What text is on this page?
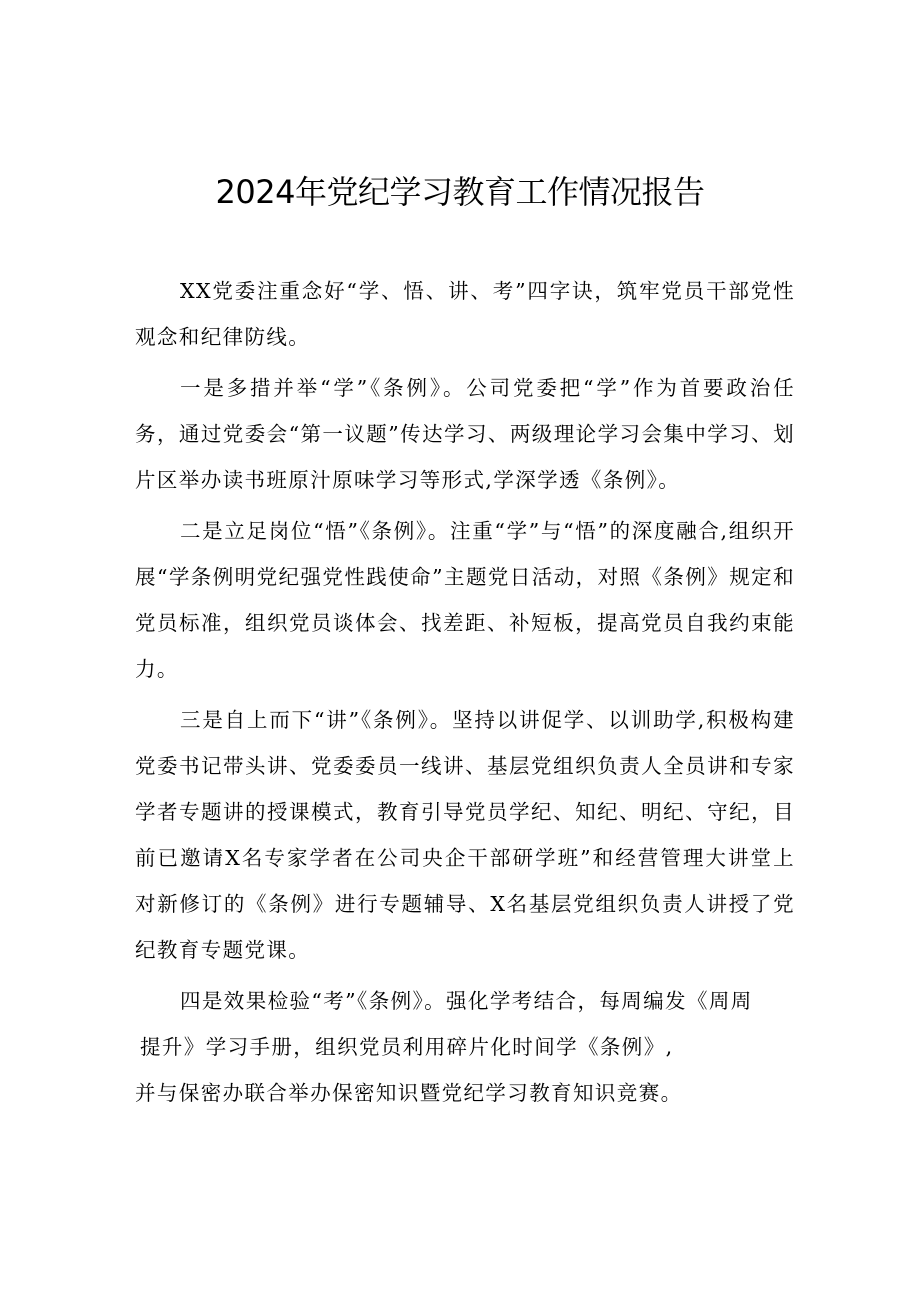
2024年党纪学习教育工作情况报告

XX党委注重念好“学、悟、讲、考”四字诀，筑牢党员干部党性观念和纪律防线。

一是多措并举“学”《条例》。公司党委把“学”作为首要政治任务，通过党委会“第一议题”传达学习、两级理论学习会集中学习、划片区举办读书班原汁原味学习等形式,学深学透《条例》。

二是立足岗位“悟”《条例》。注重“学”与“悟”的深度融合,组织开展“学条例明党纪强党性践使命”主题党日活动，对照《条例》规定和党员标准，组织党员谈体会、找差距、补短板，提高党员自我约束能力。

三是自上而下“讲”《条例》。坚持以讲促学、以训助学,积极构建党委书记带头讲、党委委员一线讲、基层党组织负责人全员讲和专家学者专题讲的授课模式，教育引导党员学纪、知纪、明纪、守纪，目前已邀请X名专家学者在公司央企干部研学班”和经营管理大讲堂上对新修订的《条例》进行专题辅导、X名基层党组织负责人讲授了党纪教育专题党课。

四是效果检验“考”《条例》。强化学考结合，每周编发《周周
提升》学习手册，组织党员利用碎片化时间学《条例》,
并与保密办联合举办保密知识暨党纪学习教育知识竞赛。
